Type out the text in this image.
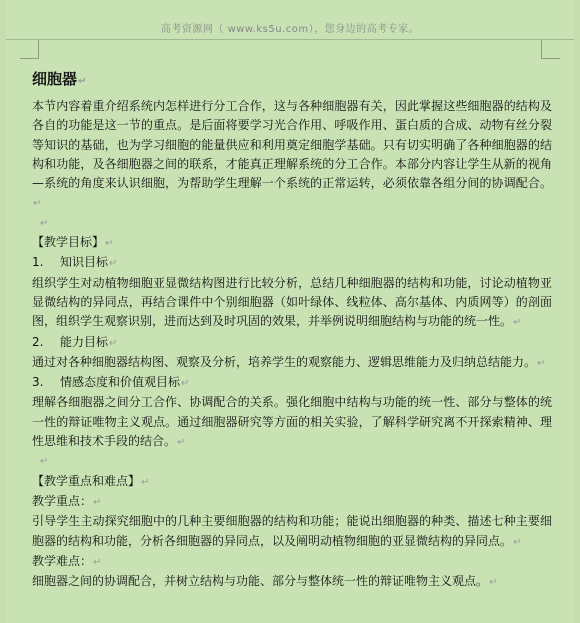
高考资源网（ www.ks5u.com），您身边的高考专家。
细胞器↵
本节内容着重介绍系统内怎样进行分工合作，这与各种细胞器有关，因此掌握这些细胞器的结构及各自的功能是这一节的重点。是后面将要学习光合作用、呼吸作用、蛋白质的合成、动物有丝分裂等知识的基础，也为学习细胞的能量供应和利用奠定细胞学基础。只有切实明确了各种细胞器的结构和功能，及各细胞器之间的联系，才能真正理解系统的分工合作。本部分内容让学生从新的视角—系统的角度来认识细胞，为帮助学生理解一个系统的正常运转，必须依靠各组分间的协调配合。↵
↵
【教学目标】↵
1. 知识目标↵
组织学生对动植物细胞亚显微结构图进行比较分析，总结几种细胞器的结构和功能，讨论动植物亚显微结构的异同点，再结合课件中个别细胞器（如叶绿体、线粒体、高尔基体、内质网等）的剖面图，组织学生观察识别，进而达到及时巩固的效果，并举例说明细胞结构与功能的统一性。↵
2. 能力目标↵
通过对各种细胞器结构图、观察及分析，培养学生的观察能力、逻辑思维能力及归纳总结能力。↵
3. 情感态度和价值观目标↵
理解各细胞器之间分工合作、协调配合的关系。强化细胞中结构与功能的统一性、部分与整体的统一性的辩证唯物主义观点。通过细胞器研究等方面的相关实验，了解科学研究离不开探索精神、理性思维和技术手段的结合。↵
↵
【教学重点和难点】↵
教学重点：↵
引导学生主动探究细胞中的几种主要细胞器的结构和功能；能说出细胞器的种类、描述七种主要细胞器的结构和功能，分析各细胞器的异同点，以及阐明动植物细胞的亚显微结构的异同点。↵
教学难点：↵
细胞器之间的协调配合，并树立结构与功能、部分与整体统一性的辩证唯物主义观点。↵
